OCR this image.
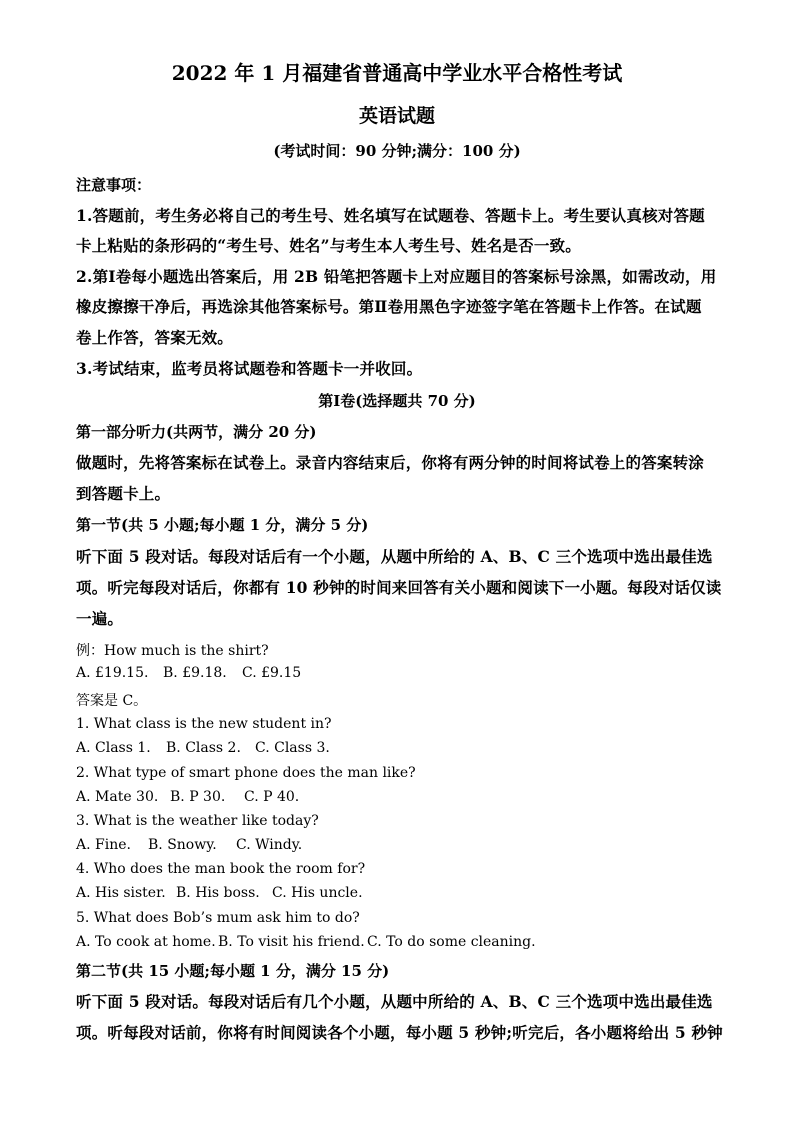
2022 年 1 月福建省普通高中学业水平合格性考试
英语试题
(考试时间：90 分钟;满分：100 分)
注意事项：
1.答题前，考生务必将自己的考生号、姓名填写在试题卷、答题卡上。考生要认真核对答题
卡上粘贴的条形码的“考生号、姓名”与考生本人考生号、姓名是否一致。
2.第Ⅰ卷每小题选出答案后，用 2B 铅笔把答题卡上对应题目的答案标号涂黑，如需改动，用
橡皮擦擦干净后，再选涂其他答案标号。第Ⅱ卷用黑色字迹签字笔在答题卡上作答。在试题
卷上作答，答案无效。
3.考试结束，监考员将试题卷和答题卡一并收回。
第Ⅰ卷(选择题共 70 分)
第一部分听力(共两节，满分 20 分)
做题时，先将答案标在试卷上。录音内容结束后，你将有两分钟的时间将试卷上的答案转涂
到答题卡上。
第一节(共 5 小题;每小题 1 分，满分 5 分)
听下面 5 段对话。每段对话后有一个小题，从题中所给的 A、B、C 三个选项中选出最佳选
项。听完每段对话后，你都有 10 秒钟的时间来回答有关小题和阅读下一小题。每段对话仅读
一遍。
例：How much is the shirt?
A. £19.15. B. £9.18. C. £9.15
答案是 C。
1. What class is the new student in?
A. Class 1. B. Class 2. C. Class 3.
2. What type of smart phone does the man like?
A. Mate 30. B. P 30. C. P 40.
3. What is the weather like today?
A. Fine. B. Snowy. C. Windy.
4. Who does the man book the room for?
A. His sister. B. His boss. C. His uncle.
5. What does Bob’s mum ask him to do?
A. To cook at home. B. To visit his friend. C. To do some cleaning.
第二节(共 15 小题;每小题 1 分，满分 15 分)
听下面 5 段对话。每段对话后有几个小题，从题中所给的 A、B、C 三个选项中选出最佳选
项。听每段对话前，你将有时间阅读各个小题，每小题 5 秒钟;听完后，各小题将给出 5 秒钟
